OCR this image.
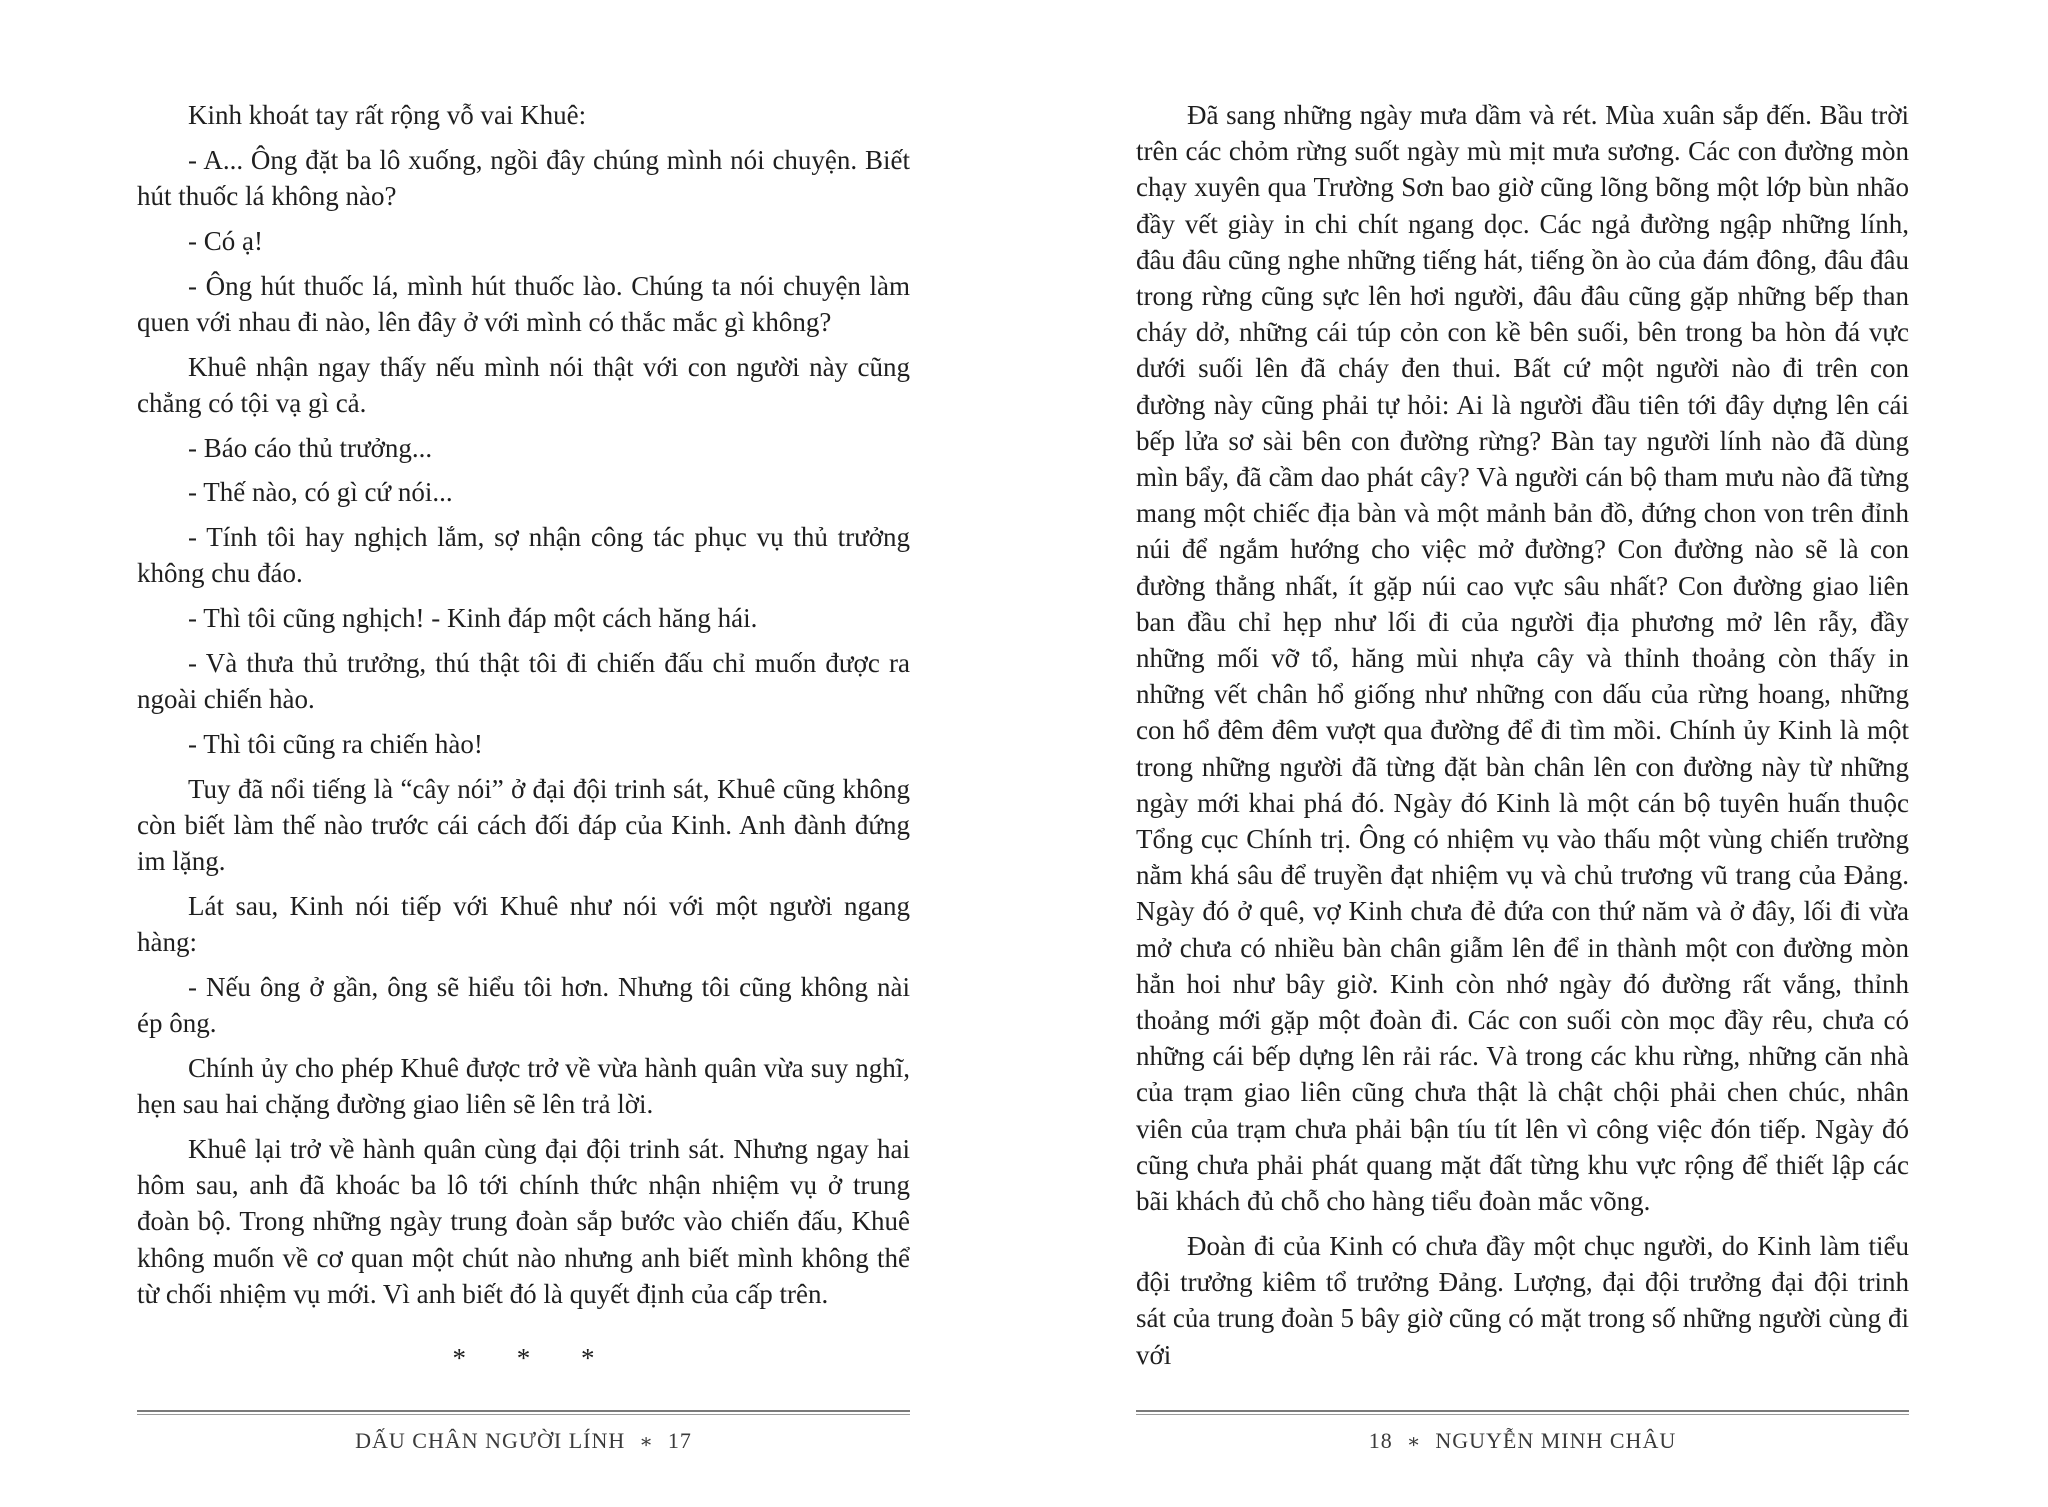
Kinh khoát tay rất rộng vỗ vai Khuê:

- A... Ông đặt ba lô xuống, ngồi đây chúng mình nói chuyện. Biết hút thuốc lá không nào?

- Có ạ!

- Ông hút thuốc lá, mình hút thuốc lào. Chúng ta nói chuyện làm quen với nhau đi nào, lên đây ở với mình có thắc mắc gì không?

Khuê nhận ngay thấy nếu mình nói thật với con người này cũng chẳng có tội vạ gì cả.

- Báo cáo thủ trưởng...

- Thế nào, có gì cứ nói...

- Tính tôi hay nghịch lắm, sợ nhận công tác phục vụ thủ trưởng không chu đáo.

- Thì tôi cũng nghịch! - Kinh đáp một cách hăng hái.

- Và thưa thủ trưởng, thú thật tôi đi chiến đấu chỉ muốn được ra ngoài chiến hào.

- Thì tôi cũng ra chiến hào!

Tuy đã nổi tiếng là “cây nói” ở đại đội trinh sát, Khuê cũng không còn biết làm thế nào trước cái cách đối đáp của Kinh. Anh đành đứng im lặng.

Lát sau, Kinh nói tiếp với Khuê như nói với một người ngang hàng:

- Nếu ông ở gần, ông sẽ hiểu tôi hơn. Nhưng tôi cũng không nài ép ông.

Chính ủy cho phép Khuê được trở về vừa hành quân vừa suy nghĩ, hẹn sau hai chặng đường giao liên sẽ lên trả lời.

Khuê lại trở về hành quân cùng đại đội trinh sát. Nhưng ngay hai hôm sau, anh đã khoác ba lô tới chính thức nhận nhiệm vụ ở trung đoàn bộ. Trong những ngày trung đoàn sắp bước vào chiến đấu, Khuê không muốn về cơ quan một chút nào nhưng anh biết mình không thể từ chối nhiệm vụ mới. Vì anh biết đó là quyết định của cấp trên.

* * *

DẤU CHÂN NGƯỜI LÍNH ∗ 17

Đã sang những ngày mưa dầm và rét. Mùa xuân sắp đến. Bầu trời trên các chỏm rừng suốt ngày mù mịt mưa sương. Các con đường mòn chạy xuyên qua Trường Sơn bao giờ cũng lõng bõng một lớp bùn nhão đầy vết giày in chi chít ngang dọc. Các ngả đường ngập những lính, đâu đâu cũng nghe những tiếng hát, tiếng ồn ào của đám đông, đâu đâu trong rừng cũng sực lên hơi người, đâu đâu cũng gặp những bếp than cháy dở, những cái túp cỏn con kề bên suối, bên trong ba hòn đá vực dưới suối lên đã cháy đen thui. Bất cứ một người nào đi trên con đường này cũng phải tự hỏi: Ai là người đầu tiên tới đây dựng lên cái bếp lửa sơ sài bên con đường rừng? Bàn tay người lính nào đã dùng mìn bẩy, đã cầm dao phát cây? Và người cán bộ tham mưu nào đã từng mang một chiếc địa bàn và một mảnh bản đồ, đứng chon von trên đỉnh núi để ngắm hướng cho việc mở đường? Con đường nào sẽ là con đường thẳng nhất, ít gặp núi cao vực sâu nhất? Con đường giao liên ban đầu chỉ hẹp như lối đi của người địa phương mở lên rẫy, đầy những mối vỡ tổ, hăng mùi nhựa cây và thỉnh thoảng còn thấy in những vết chân hổ giống như những con dấu của rừng hoang, những con hổ đêm đêm vượt qua đường để đi tìm mồi. Chính ủy Kinh là một trong những người đã từng đặt bàn chân lên con đường này từ những ngày mới khai phá đó. Ngày đó Kinh là một cán bộ tuyên huấn thuộc Tổng cục Chính trị. Ông có nhiệm vụ vào thấu một vùng chiến trường nằm khá sâu để truyền đạt nhiệm vụ và chủ trương vũ trang của Đảng. Ngày đó ở quê, vợ Kinh chưa đẻ đứa con thứ năm và ở đây, lối đi vừa mở chưa có nhiều bàn chân giẫm lên để in thành một con đường mòn hẳn hoi như bây giờ. Kinh còn nhớ ngày đó đường rất vắng, thỉnh thoảng mới gặp một đoàn đi. Các con suối còn mọc đầy rêu, chưa có những cái bếp dựng lên rải rác. Và trong các khu rừng, những căn nhà của trạm giao liên cũng chưa thật là chật chội phải chen chúc, nhân viên của trạm chưa phải bận tíu tít lên vì công việc đón tiếp. Ngày đó cũng chưa phải phát quang mặt đất từng khu vực rộng để thiết lập các bãi khách đủ chỗ cho hàng tiểu đoàn mắc võng.

Đoàn đi của Kinh có chưa đầy một chục người, do Kinh làm tiểu đội trưởng kiêm tổ trưởng Đảng. Lượng, đại đội trưởng đại đội trinh sát của trung đoàn 5 bây giờ cũng có mặt trong số những người cùng đi với

18 ∗ NGUYỄN MINH CHÂU
